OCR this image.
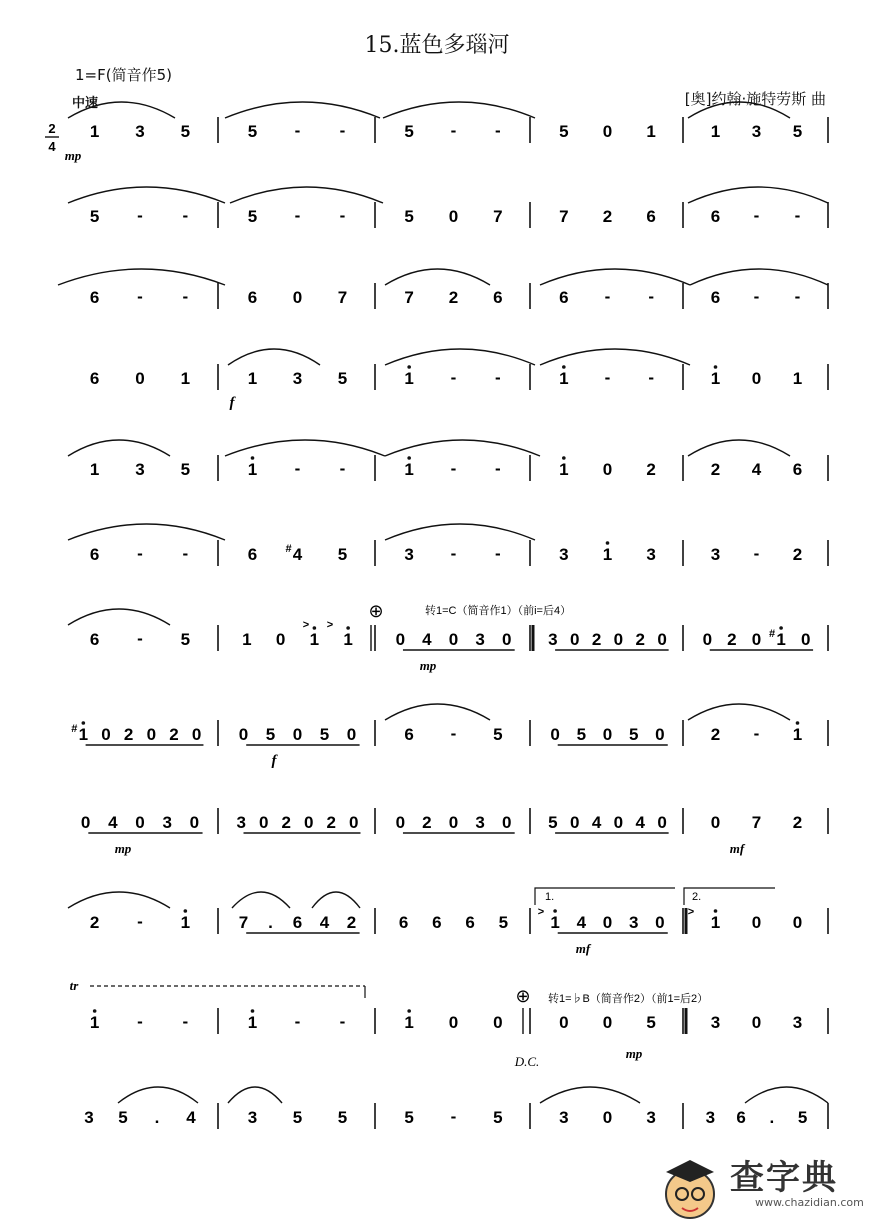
15.蓝色多瑙河
1=F(简音作5)
中速	[奥]约翰·施特劳斯 曲
2
4
1 3 5	5 - -	5 - -	5 0 1	1 3 5
5 - -	5 - -	5 0 7	7 2 6	6 - -
6 - -	6 0 7	7 2 6	6 - -	6 - -
6 0 1	1 3 5	1 - -	1 - -	1 0 1
1 3 5	1 - -	1 - -	1 0 2	2 4 6
6 - -	6	# 4 5	3 - -	3 1 3	3 - 2
6 - 5	1 0 1 1	0 4 0 3 0 3 0 2 0 2 0 0 2 0 # 1 0
# 1 0 2 0 2 0 0 5 0 5 0	6 - 5	0 5 0 5 0	2 - 1
0 4 0 3 0 3 0 2 0 2 0 0 2 0 3 0 5 0 4 0 4 0	0 7 2
2 - 1	7 . 6 4 2	6 6 6 5 1 4 0 3 0	1 0 0
1 - -	1 - -	1 0 0	0 0 5	3 0 3
3 5 . 4	3 5 5	5 - 5	3 0 3	3 6 . 5
mp
f
mp
f
mp	mf
mf
mp
⊕	转1=C（简音作1）（前i=后4）
⊕ 转1=♭B（简音作2）（前1=后2）
D.C.
> >
>	>
1.	2.
tr
查字典
www.chazidian.com
